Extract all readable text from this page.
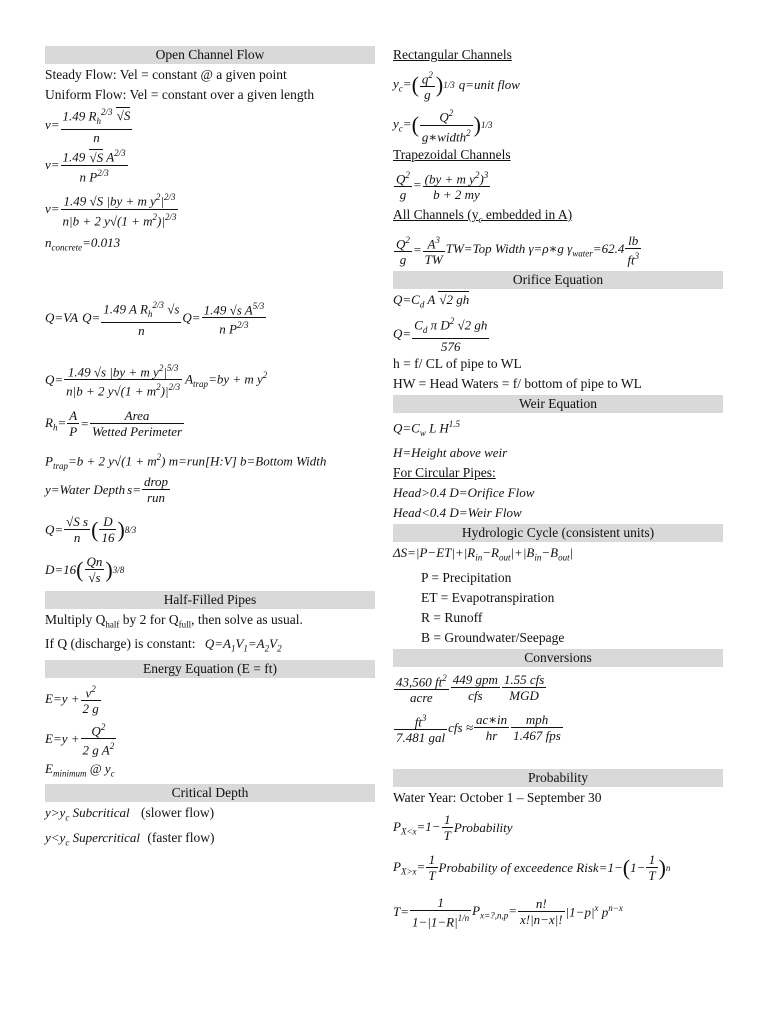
Open Channel Flow
Steady Flow: Vel = constant @ a given point
Uniform Flow: Vel = constant over a given length
$v= \frac{1.49 R_h^{2/3} √S}{n}$
$v= \frac{1.49 √S A^{2/3}}{n P^{2/3}}$
$v= \frac{1.49 √S |by + m y^2|^{2/3}}{n|b + 2 y√(1 + m^2)|^{2/3}}$
$n_{concrete}=0.013$
Q=VA $Q= \frac{1.49 A R_h^{2/3} √s}{n} Q= \frac{1.49 √s A^{5/3}}{n P^{2/3}}$
$Q= \frac{1.49 √s |by + m y^2|^{5/3}}{n|b + 2 y√(1 + m^2)|^{2/3}} A_{trap}=by + m$ $y^2$
$R_h= \frac{A}{P} = \frac{\text{Area}}{\text{Wetted Perimeter}}$
$P_{trap}=b + 2$ $y√(1 + m^2)$ m=run[H:V] b=Bottom Width
y=Water Depth $s= \frac{\text{drop}}{\text{run}}$
$Q= \frac{\text{√S s}}{n}$ ( $\frac{D}{16}$ ) 8/3
D=16 ( $\frac{Qn}{√s}$ ) 3/8
Half-Filled Pipes
Multiply $Q_{half}$ by 2 for $Q_{full}$, then solve as usual.
If Q (discharge) is constant: $Q=A_1V_1=A_2V_2$
Energy Equation (E = ft)
$E=y + \frac{v^2}{2 g}$
$E=y + \frac{Q^2}{2 g A^2}$
$E_{minimum}$ @ $y_c$
Critical Depth
$y>y_c$ Subcritical (slower flow)
$y<y_c$ Supercritical (faster flow)
Rectangular Channels
$y_c=$ ( $\frac{q^2}{g}$ ) 1/3 q=unit flow
$y_c=$ ( $\frac{Q^2}{g∗width^2}$ ) 1/3
Trapezoidal Channels
$\frac{Q^2}{g} = \frac{(by + m y^2)^3}{b + 2 my}$
All Channels ($y_c$ embedded in A)
$\frac{Q^2}{g} = \frac{A^3}{TW} TW=Top$ Width γ=ρ∗g $\gamma_{water}=62.4 \frac{lb}{ft^3}$
Orifice Equation
$Q=C_d$ A √2 gh
$Q= \frac{C_d \pi D^2 √2 gh}{576}$
h = f/ CL of pipe to WL
HW = Head Waters = f/ bottom of pipe to WL
Weir Equation
$Q=C_w$ L $H^{1.5}$
H=Height above weir
For Circular Pipes:
Head>0.4 D=Orifice Flow
Head<0.4 D=Weir Flow
Hydrologic Cycle (consistent units)
$\Delta S=|P-ET|+|R_{in}-R_{out}|+|B_{in}-B_{out}|$
P = Precipitation
ET = Evapotranspiration
R = Runoff
B = Groundwater/Seepage
Conversions
$\frac{43,560 ft^2}{\text{acre}} \frac{\text{449 gpm}}{\text{cfs}} \frac{\text{1.55 cfs}}{\text{MGD}}$
$\frac{ft^3}{\text{7.481 gal}}$ cfs ≈ $\frac{ac∗in}{hr} \frac{\text{mph}}{\text{1.467 fps}}$
Probability
Water Year: October 1 – September 30
$P_{X<x}=1- \frac{1}{T}$ Probability
$P_{X>x}= \frac{1}{T}$ Probability of exceedence Risk=1− ( $1- \frac{1}{T}$ ) n
$T= \frac{1}{1-|1-R|^{1/n}} P_{x=?,n,p}= \frac{n!}{x!|n-x|!} |1-p|^x$ $p^{n-x}$
